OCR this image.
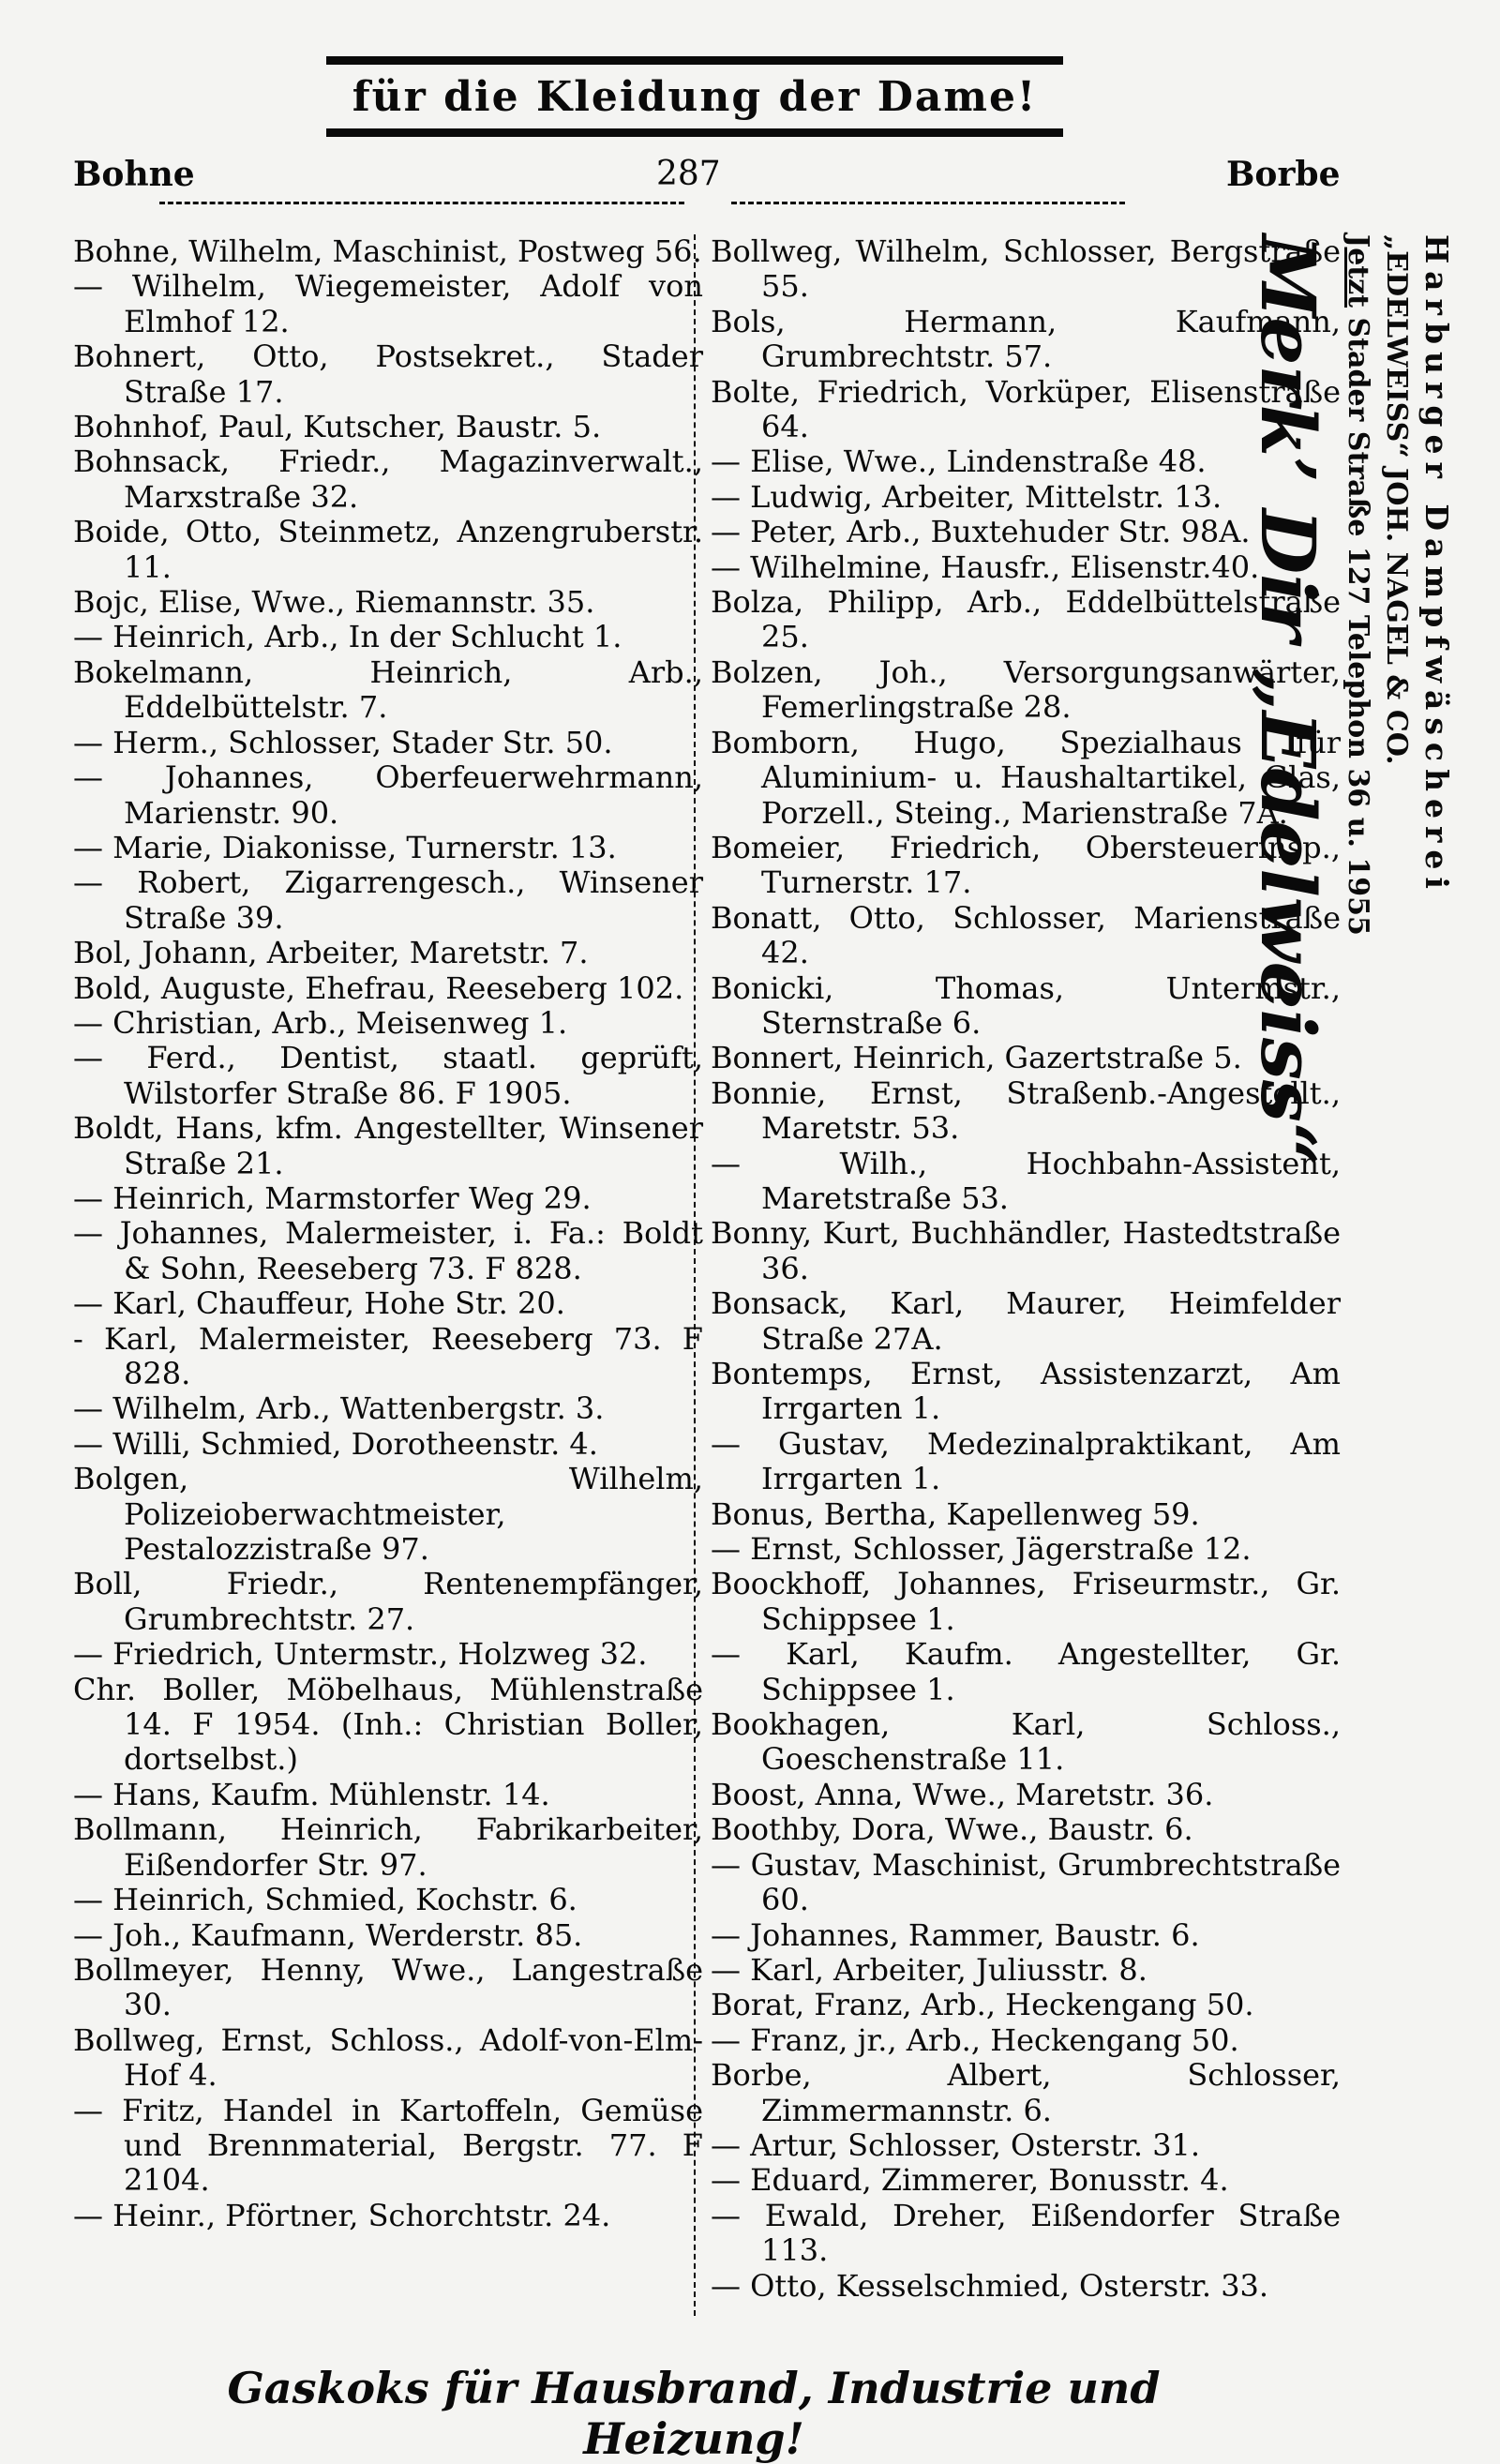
für die Kleidung der Dame!
Bohne	287	Borbe
Bohne, Wilhelm, Maschinist, Postweg 56.
— Wilhelm, Wiegemeister, Adolf von Elmhof 12.
Bohnert, Otto, Postsekret., Stader Straße 17.
Bohnhof, Paul, Kutscher, Baustr. 5.
Bohnsack, Friedr., Magazinverwalt., Marxstraße 32.
Boide, Otto, Steinmetz, Anzengruberstr. 11.
Bojc, Elise, Wwe., Riemannstr. 35.
— Heinrich, Arb., In der Schlucht 1.
Bokelmann, Heinrich, Arb., Eddelbüttelstr. 7.
— Herm., Schlosser, Stader Str. 50.
— Johannes, Oberfeuerwehrmann, Marienstr. 90.
— Marie, Diakonisse, Turnerstr. 13.
— Robert, Zigarrengesch., Winsener Straße 39.
Bol, Johann, Arbeiter, Maretstr. 7.
Bold, Auguste, Ehefrau, Reeseberg 102.
— Christian, Arb., Meisenweg 1.
— Ferd., Dentist, staatl. geprüft, Wilstorfer Straße 86. F 1905.
Boldt, Hans, kfm. Angestellter, Winsener Straße 21.
— Heinrich, Marmstorfer Weg 29.
— Johannes, Malermeister, i. Fa.: Boldt & Sohn, Reeseberg 73. F 828.
— Karl, Chauffeur, Hohe Str. 20.
- Karl, Malermeister, Reeseberg 73. F 828.
— Wilhelm, Arb., Wattenbergstr. 3.
— Willi, Schmied, Dorotheenstr. 4.
Bolgen, Wilhelm, Polizeioberwachtmeister, Pestalozzistraße 97.
Boll, Friedr., Rentenempfänger, Grumbrechtstr. 27.
— Friedrich, Untermstr., Holzweg 32.
Chr. Boller, Möbelhaus, Mühlenstraße 14. F 1954. (Inh.: Christian Boller, dortselbst.)
— Hans, Kaufm. Mühlenstr. 14.
Bollmann, Heinrich, Fabrikarbeiter, Eißendorfer Str. 97.
— Heinrich, Schmied, Kochstr. 6.
— Joh., Kaufmann, Werderstr. 85.
Bollmeyer, Henny, Wwe., Langestraße 30.
Bollweg, Ernst, Schloss., Adolf-von-Elm-Hof 4.
— Fritz, Handel in Kartoffeln, Gemüse und Brennmaterial, Bergstr. 77. F 2104.
— Heinr., Pförtner, Schorchtstr. 24.
Bollweg, Wilhelm, Schlosser, Bergstraße 55.
Bols, Hermann, Kaufmann, Grumbrechtstr. 57.
Bolte, Friedrich, Vorküper, Elisenstraße 64.
— Elise, Wwe., Lindenstraße 48.
— Ludwig, Arbeiter, Mittelstr. 13.
— Peter, Arb., Buxtehuder Str. 98A.
— Wilhelmine, Hausfr., Elisenstr.40.
Bolza, Philipp, Arb., Eddelbüttelstraße 25.
Bolzen, Joh., Versorgungsanwärter, Femerlingstraße 28.
Bomborn, Hugo, Spezialhaus für Aluminium- u. Haushaltartikel, Glas, Porzell., Steing., Marienstraße 7A.
Bomeier, Friedrich, Obersteuerinsp., Turnerstr. 17.
Bonatt, Otto, Schlosser, Marienstraße 42.
Bonicki, Thomas, Untermstr., Sternstraße 6.
Bonnert, Heinrich, Gazertstraße 5.
Bonnie, Ernst, Straßenb.-Angestellt., Maretstr. 53.
— Wilh., Hochbahn-Assistent, Maretstraße 53.
Bonny, Kurt, Buchhändler, Hastedtstraße 36.
Bonsack, Karl, Maurer, Heimfelder Straße 27A.
Bontemps, Ernst, Assistenzarzt, Am Irrgarten 1.
— Gustav, Medezinalpraktikant, Am Irrgarten 1.
Bonus, Bertha, Kapellenweg 59.
— Ernst, Schlosser, Jägerstraße 12.
Boockhoff, Johannes, Friseurmstr., Gr. Schippsee 1.
— Karl, Kaufm. Angestellter, Gr. Schippsee 1.
Bookhagen, Karl, Schloss., Goeschenstraße 11.
Boost, Anna, Wwe., Maretstr. 36.
Boothby, Dora, Wwe., Baustr. 6.
— Gustav, Maschinist, Grumbrechtstraße 60.
— Johannes, Rammer, Baustr. 6.
— Karl, Arbeiter, Juliusstr. 8.
Borat, Franz, Arb., Heckengang 50.
— Franz, jr., Arb., Heckengang 50.
Borbe, Albert, Schlosser, Zimmermannstr. 6.
— Artur, Schlosser, Osterstr. 31.
— Eduard, Zimmerer, Bonusstr. 4.
— Ewald, Dreher, Eißendorfer Straße 113.
— Otto, Kesselschmied, Osterstr. 33.
Harburger Dampfwäscherei
„EDELWEISS“ JOH. NAGEL & CO.
Jetzt Stader Straße 127 Telephon 36 u. 1955
Merk’ Dir „Edelweiss“
Gaskoks für Hausbrand, Industrie und Heizung!
